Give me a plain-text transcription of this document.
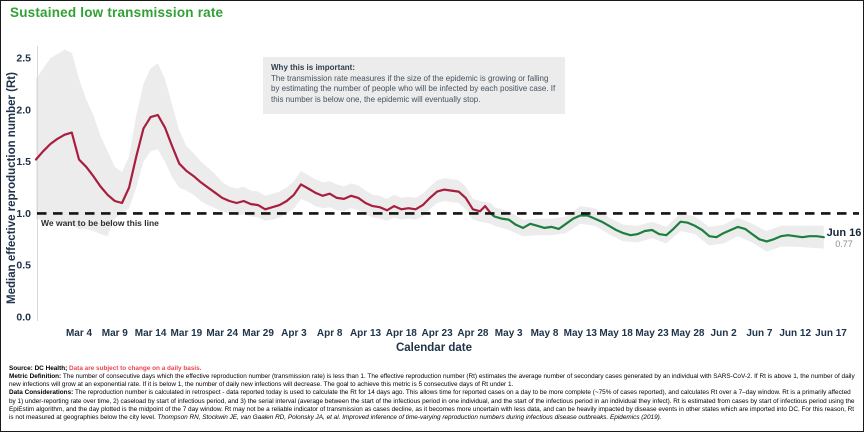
Sustained low transmission rate
2.5
2.0
1.5
1.0
0.5
0.0
Mar 4 Mar 9 Mar 14 Mar 19 Mar 24 Mar 29 Apr 3 Apr 8 Apr 13 Apr 18 Apr 23 Apr 28 May 3 May 8 May 13 May 18 May 23 May 28 Jun 2 Jun 7 Jun 12 Jun 17
Median effective reproduction number (Rt)
Calendar date
Why this is important:
The transmission rate measures if the size of the epidemic is growing or falling by estimating the number of people who will be infected by each positive case. If this number is below one, the epidemic will eventually stop.
We want to be below this line
Jun 16
0.77

Source: DC Health; Data are subject to change on a daily basis.

Metric Definition: The number of consecutive days which the effective reproduction number (transmission rate) is less than 1. The effective reproduction number (Rt) estimates the average number of secondary cases generated by an individual with SARS-CoV-2. If Rt is above 1, the number of daily new infections will grow at an exponential rate. If it is below 1, the number of daily new infections will decrease. The goal to achieve this metric is 5 consecutive days of Rt under 1.

Data Considerations: The reproduction number is calculated in retrospect - data reported today is used to calculate the Rt for 14 days ago. This allows time for reported cases on a day to be more complete (~75% of cases reported), and calculates Rt over a 7–day window. Rt is a primarily affected by 1) under-reporting rate over time, 2) caseload by start of infectious period, and 3) the serial interval (average between the start of the infectious period in one individual, and the start of the infectious period in an individual they infect). Rt is estimated from cases by start of infectious period using the EpiEstim algorithm, and the day plotted is the midpoint of the 7 day window. Rt may not be a reliable indicator of transmission as cases decline, as it becomes more uncertain with less data, and can be heavily impacted by disease events in other states which are imported into DC. For this reason, Rt is not measured at geographies below the city level. Thompson RN, Stockwin JE, van Gaalen RD, Polonsky JA, et al. Improved inference of time-varying reproduction numbers during infectious disease outbreaks. Epidemics (2019).
